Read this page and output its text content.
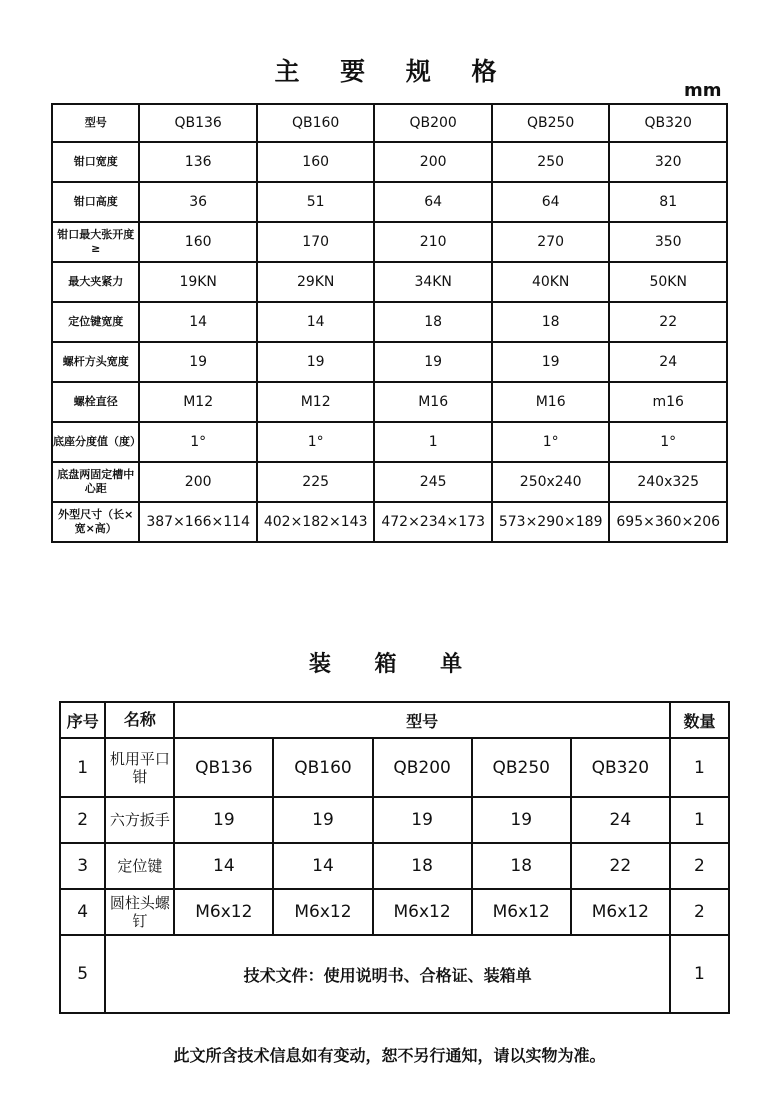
主 要 规 格
mm
型号	QB136	QB160	QB200	QB250	QB320
钳口宽度	136	160	200	250	320
钳口高度	36	51	64	64	81
钳口最大张开度≥	160	170	210	270	350
最大夹紧力	19KN	29KN	34KN	40KN	50KN
定位键宽度	14	14	18	18	22
螺杆方头宽度	19	19	19	19	24
螺栓直径	M12	M12	M16	M16	m16
底座分度值（度）	1°	1°	1	1°	1°
底盘两固定槽中心距	200	225	245	250x240	240x325
外型尺寸（长×宽×高）	387×166×114	402×182×143	472×234×173	573×290×189	695×360×206
装 箱 单
序号	名称	型号					数量
1	机用平口钳	QB136	QB160	QB200	QB250	QB320	1
2	六方扳手	19	19	19	19	24	1
3	定位键	14	14	18	18	22	2
4	圆柱头螺钉	M6x12	M6x12	M6x12	M6x12	M6x12	2
5	技术文件：使用说明书、合格证、装箱单						1
此文所含技术信息如有变动，恕不另行通知，请以实物为准。
